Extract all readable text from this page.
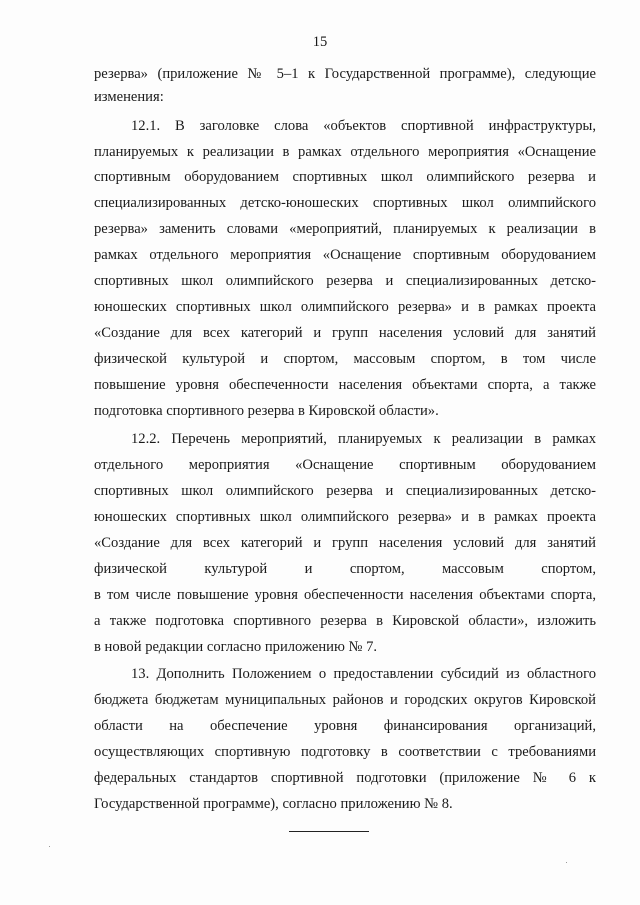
15
резерва» (приложение № 5–1 к Государственной программе), следующие
изменения:
12.1. В заголовке слова «объектов спортивной инфраструктуры,
планируемых к реализации в рамках отдельного мероприятия «Оснащение
спортивным оборудованием спортивных школ олимпийского резерва и
специализированных детско-юношеских спортивных школ олимпийского
резерва» заменить словами «мероприятий, планируемых к реализации в
рамках отдельного мероприятия «Оснащение спортивным оборудованием
спортивных школ олимпийского резерва и специализированных детско-
юношеских спортивных школ олимпийского резерва» и в рамках проекта
«Создание для всех категорий и групп населения условий для занятий
физической культурой и спортом, массовым спортом, в том числе
повышение уровня обеспеченности населения объектами спорта, а также
подготовка спортивного резерва в Кировской области».
12.2. Перечень мероприятий, планируемых к реализации в рамках
отдельного мероприятия «Оснащение спортивным оборудованием
спортивных школ олимпийского резерва и специализированных детско-
юношеских спортивных школ олимпийского резерва» и в рамках проекта
«Создание для всех категорий и групп населения условий для занятий
физической культурой и спортом, массовым спортом,
в том числе повышение уровня обеспеченности населения объектами спорта,
а также подготовка спортивного резерва в Кировской области», изложить
в новой редакции согласно приложению № 7.
13. Дополнить Положением о предоставлении субсидий из областного
бюджета бюджетам муниципальных районов и городских округов Кировской
области на обеспечение уровня финансирования организаций,
осуществляющих спортивную подготовку в соответствии с требованиями
федеральных стандартов спортивной подготовки (приложение № 6 к
Государственной программе), согласно приложению № 8.
